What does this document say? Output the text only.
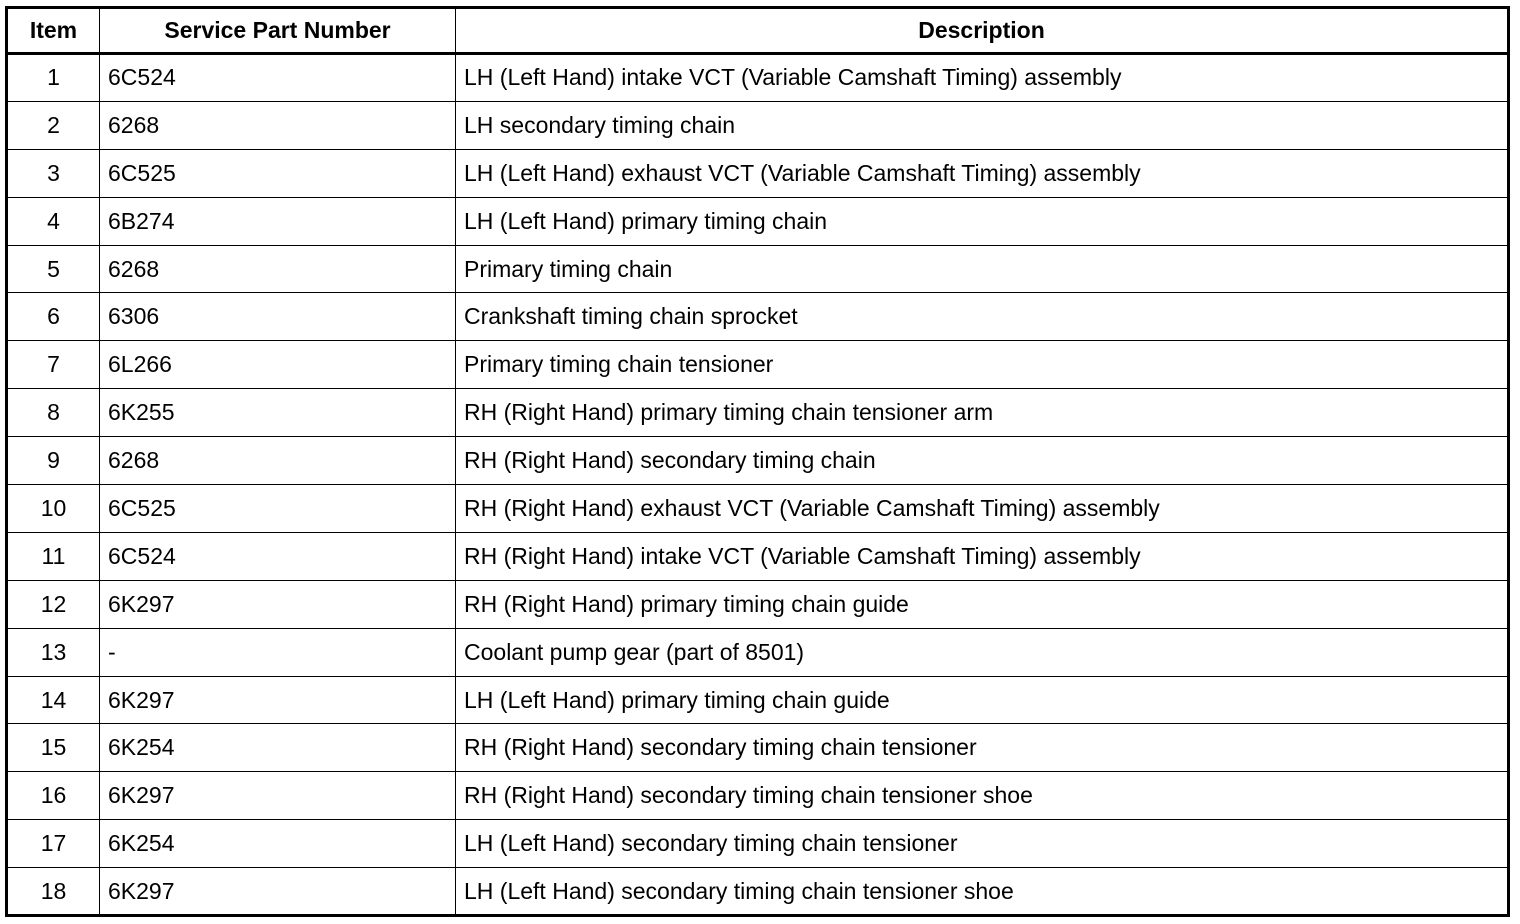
Item	Service Part Number	Description
1	6C524	LH (Left Hand) intake VCT (Variable Camshaft Timing) assembly
2	6268	LH secondary timing chain
3	6C525	LH (Left Hand) exhaust VCT (Variable Camshaft Timing) assembly
4	6B274	LH (Left Hand) primary timing chain
5	6268	Primary timing chain
6	6306	Crankshaft timing chain sprocket
7	6L266	Primary timing chain tensioner
8	6K255	RH (Right Hand) primary timing chain tensioner arm
9	6268	RH (Right Hand) secondary timing chain
10	6C525	RH (Right Hand) exhaust VCT (Variable Camshaft Timing) assembly
11	6C524	RH (Right Hand) intake VCT (Variable Camshaft Timing) assembly
12	6K297	RH (Right Hand) primary timing chain guide
13	-	Coolant pump gear (part of 8501)
14	6K297	LH (Left Hand) primary timing chain guide
15	6K254	RH (Right Hand) secondary timing chain tensioner
16	6K297	RH (Right Hand) secondary timing chain tensioner shoe
17	6K254	LH (Left Hand) secondary timing chain tensioner
18	6K297	LH (Left Hand) secondary timing chain tensioner shoe
